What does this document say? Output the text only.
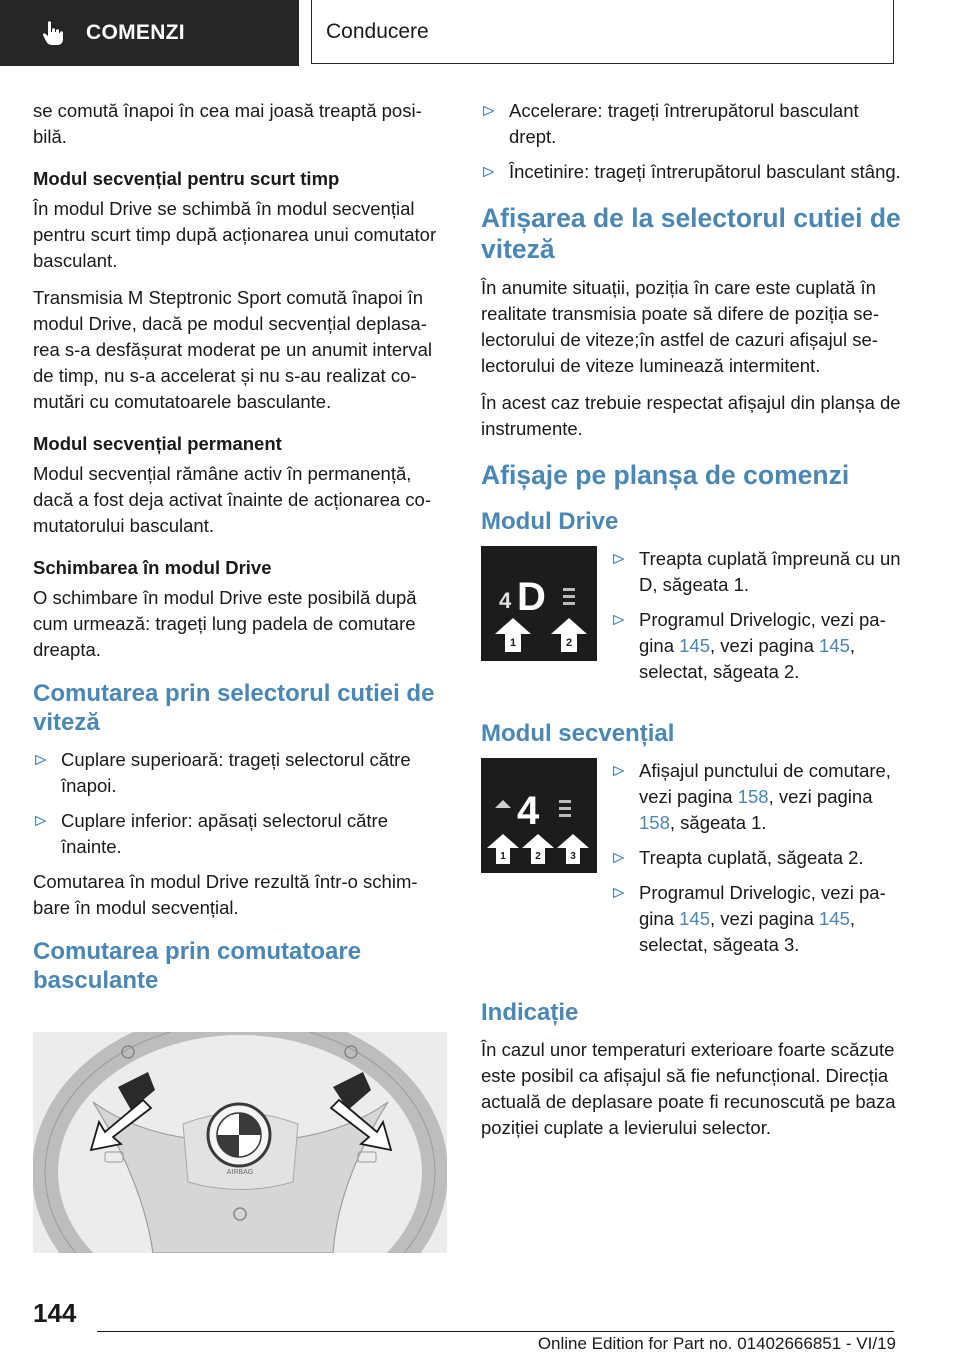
COMENZI	Conducere

se comută înapoi în cea mai joasă treaptă posibilă.

Modul secvențial pentru scurt timp

În modul Drive se schimbă în modul secvențial pentru scurt timp după acționarea unui comutator basculant.

Transmisia M Steptronic Sport comută înapoi în modul Drive, dacă pe modul secvențial deplasarea s-a desfășurat moderat pe un anumit interval de timp, nu s-a accelerat și nu s-au realizat comutări cu comutatoarele basculante.

Modul secvențial permanent

Modul secvențial rămâne activ în permanență, dacă a fost deja activat înainte de acționarea comutatorului basculant.

Schimbarea în modul Drive

O schimbare în modul Drive este posibilă după cum urmează: trageți lung padela de comutare dreapta.

Comutarea prin selectorul cutiei de viteză
Cuplare superioară: trageți selectorul către înapoi.
Cuplare inferior: apăsați selectorul către înainte.

Comutarea în modul Drive rezultă într-o schimbare în modul secvențial.

Comutarea prin comutatoare basculante
AIRBAG
Accelerare: trageți întrerupătorul basculant drept.
Încetinire: trageți întrerupătorul basculant stâng.
Afișarea de la selectorul cutiei de viteză

În anumite situații, poziția în care este cuplată în realitate transmisia poate să difere de poziția selectorului de viteze;în astfel de cazuri afișajul selectorului de viteze luminează intermitent.

În acest caz trebuie respectat afișajul din planșa de instrumente.

Afișaje pe planșa de comenzi
Modul Drive
4 D
1	2
Treapta cuplată împreună cu un D, săgeata 1.
Programul Drivelogic, vezi pagina 145, vezi pagina 145, selectat, săgeata 2.
Modul secvențial
4
1	2	3
Afișajul punctului de comutare, vezi pagina 158, vezi pagina 158, săgeata 1.
Treapta cuplată, săgeata 2.
Programul Drivelogic, vezi pagina 145, vezi pagina 145, selectat, săgeata 3.
Indicație

În cazul unor temperaturi exterioare foarte scăzute este posibil ca afișajul să fie nefuncțional. Direcția actuală de deplasare poate fi recunoscută pe baza poziției cuplate a levierului selector.

144
Online Edition for Part no. 01402666851 - VI/19
